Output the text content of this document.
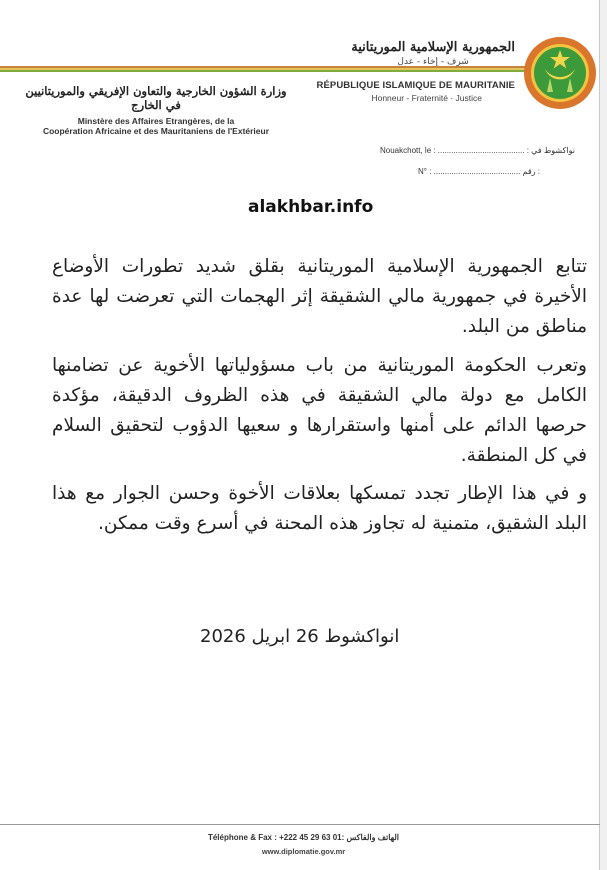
الجمهورية الإسلامية الموريتانية
شرف - إخاء - عدل
RÉPUBLIQUE ISLAMIQUE DE MAURITANIE
Honneur - Fraternité · Justice
وزارة الشؤون الخارجية والتعاون الإفريقي والموريتانيين في الخارج
Minstère des Affaires Etrangères, de la
Coopération Africaine et des Mauritaniens de l'Extérieur
Nouakchott, le : ....................................... : نواكشوط في
N° : ....................................... رقم :
alakhbar.info
تتابع الجمهورية الإسلامية الموريتانية بقلق شديد تطورات الأوضاع الأخيرة في جمهورية مالي الشقيقة إثر الهجمات التي تعرضت لها عدة مناطق من البلد.
وتعرب الحكومة الموريتانية من باب مسؤولياتها الأخوية عن تضامنها الكامل مع دولة مالي الشقيقة في هذه الظروف الدقيقة، مؤكدة حرصها الدائم على أمنها واستقرارها و سعيها الدؤوب لتحقيق السلام في كل المنطقة.
و في هذا الإطار تجدد تمسكها بعلاقات الأخوة وحسن الجوار مع هذا البلد الشقيق، متمنية له تجاوز هذه المحنة في أسرع وقت ممكن.
انواكشوط 26 ابريل 2026
Téléphone & Fax : +222 45 29 63 01: الهاتف والفاكس
www.diplomatie.gov.mr
